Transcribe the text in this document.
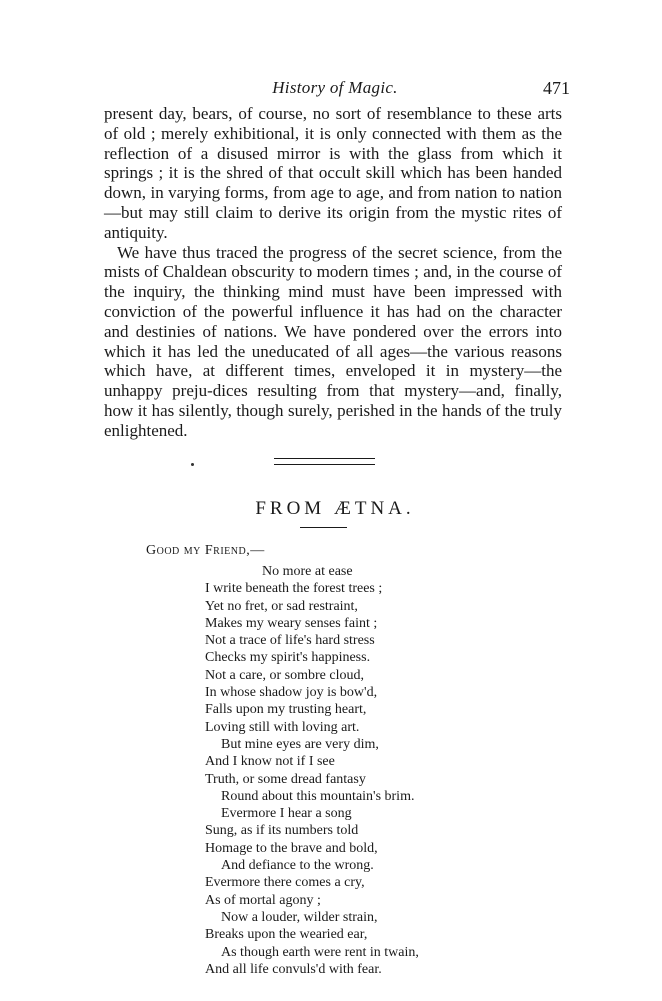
History of Magic.	471

present day, bears, of course, no sort of resemblance to these arts of old ; merely exhibitional, it is only connected with them as the reflection of a disused mirror is with the glass from which it springs ; it is the shred of that occult skill which has been handed down, in varying forms, from age to age, and from nation to nation—but may still claim to derive its origin from the mystic rites of antiquity.

We have thus traced the progress of the secret science, from the mists of Chaldean obscurity to modern times ; and, in the course of the inquiry, the thinking mind must have been impressed with conviction of the powerful influence it has had on the character and destinies of nations. We have pondered over the errors into which it has led the uneducated of all ages—the various reasons which have, at different times, enveloped it in mystery—the unhappy preju-dices resulting from that mystery—and, finally, how it has silently, though surely, perished in the hands of the truly enlightened.

FROM ÆTNA.
Good my Friend,—
No more at ease
I write beneath the forest trees ;
Yet no fret, or sad restraint,
Makes my weary senses faint ;
Not a trace of life's hard stress
Checks my spirit's happiness.
Not a care, or sombre cloud,
In whose shadow joy is bow'd,
Falls upon my trusting heart,
Loving still with loving art.
But mine eyes are very dim,
And I know not if I see
Truth, or some dread fantasy
Round about this mountain's brim.
Evermore I hear a song
Sung, as if its numbers told
Homage to the brave and bold,
And defiance to the wrong.
Evermore there comes a cry,
As of mortal agony ;
Now a louder, wilder strain,
Breaks upon the wearied ear,
As though earth were rent in twain,
And all life convuls'd with fear.
